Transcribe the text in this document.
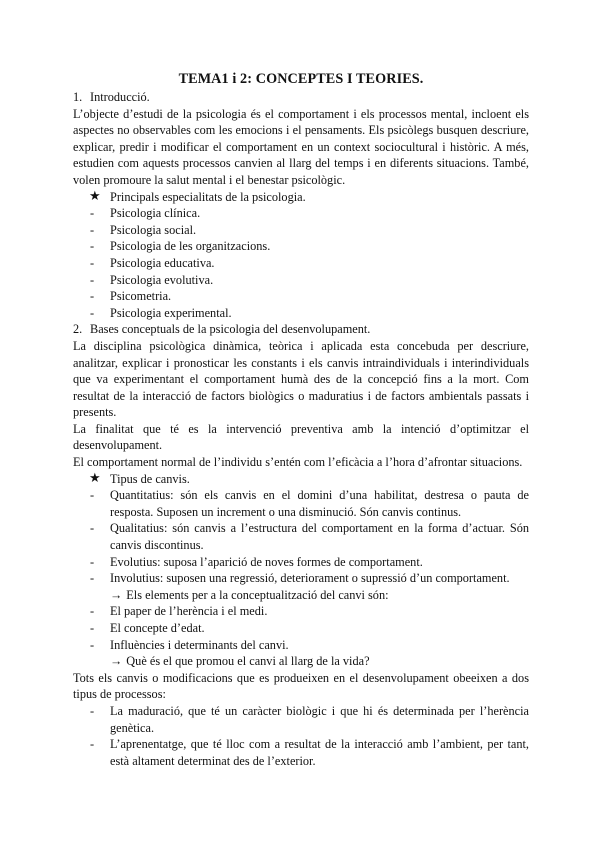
TEMA1 i 2: CONCEPTES I TEORIES.
1. Introducció.

L’objecte d’estudi de la psicologia és el comportament i els processos mental, incloent els aspectes no observables com les emocions i el pensaments. Els psicòlegs busquen descriure, explicar, predir i modificar el comportament en un context sociocultural i històric. A més, estudien com aquests processos canvien al llarg del temps i en diferents situacions. També, volen promoure la salut mental i el benestar psicològic.

★ Principals especialitats de la psicologia.
- Psicologia clínica.
- Psicologia social.
- Psicologia de les organitzacions.
- Psicologia educativa.
- Psicologia evolutiva.
- Psicometria.
- Psicologia experimental.
2. Bases conceptuals de la psicologia del desenvolupament.

La disciplina psicològica dinàmica, teòrica i aplicada esta concebuda per descriure, analitzar, explicar i pronosticar les constants i els canvis intraindividuals i interindividuals que va experimentant el comportament humà des de la concepció fins a la mort. Com resultat de la interacció de factors biològics o maduratius i de factors ambientals passats i presents.

La finalitat que té es la intervenció preventiva amb la intenció d’optimitzar el desenvolupament.

El comportament normal de l’individu s’entén com l’eficàcia a l’hora d’afrontar situacions.

★ Tipus de canvis.
- Quantitatius: són els canvis en el domini d’una habilitat, destresa o pauta de resposta. Suposen un increment o una disminució. Són canvis continus.
- Qualitatius: són canvis a l’estructura del comportament en la forma d’actuar. Són canvis discontinus.
- Evolutius: suposa l’aparició de noves formes de comportament.
- Involutius: suposen una regressió, deteriorament o supressió d’un comportament.
→ Els elements per a la conceptualització del canvi són:
- El paper de l’herència i el medi.
- El concepte d’edat.
- Influències i determinants del canvi.
→ Què és el que promou el canvi al llarg de la vida?

Tots els canvis o modificacions que es produeixen en el desenvolupament obeeixen a dos tipus de processos:

- La maduració, que té un caràcter biològic i que hi és determinada per l’herència genètica.
- L’aprenentatge, que té lloc com a resultat de la interacció amb l’ambient, per tant, està altament determinat des de l’exterior.
